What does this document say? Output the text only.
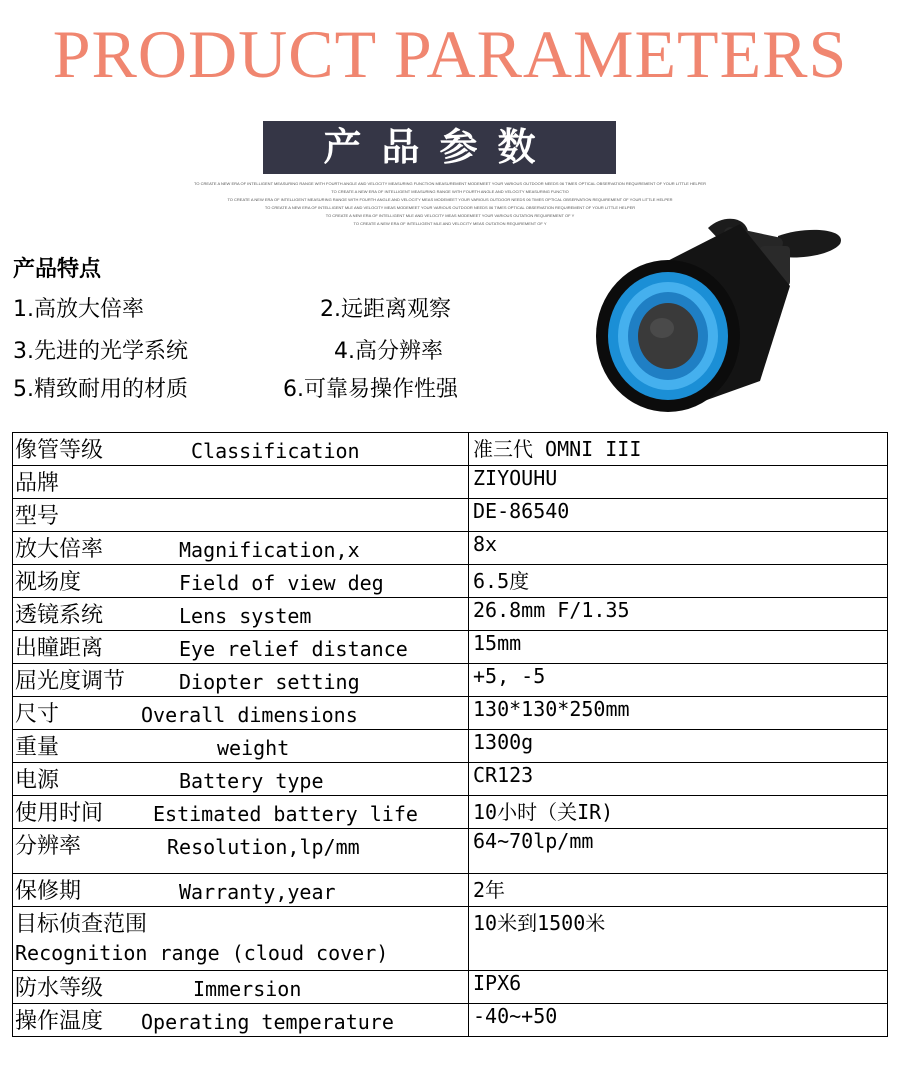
PRODUCT PARAMETERS
产品参数
TO CREATE A NEW ERA OF INTELLIGENT MEASURING RANGE WITH FOURTH ANGLE AND VELOCITY MEASURING FUNCTION MEASUREMENT MODEMEET YOUR VARIOUS OUTDOOR NEEDS 06 TIMES OPTICAL OBSERVATION REQUIREMENT OF YOUR LITTLE HELPER
TO CREATE A NEW ERA OF INTELLIGENT MEASURING RANGE WITH FOURTH ANGLE AND VELOCITY MEASURING FUNCTIO
TO CREATE A NEW ERA OF INTELLIGENT MEASURING RANGE WITH FOURTH ANGLE AND VELOCITY MEAS MODEMEET YOUR VARIOUS OUTDOOR NEEDS 06 TIMES OPTICAL OBSERVATION REQUIREMENT OF YOUR LITTLE HELPER
TO CREATE A NEW ERA OF INTELLIGENT MLE AND VELOCITY MEAS MODEMEET YOUR VARIOUS OUTDOOR NEEDS 06 TIMES OPTICAL OBSERVATION REQUIREMENT OF YOUR LITTLE HELPER
TO CREATE A NEW ERA OF INTELLIGENT MLE AND VELOCITY MEAS MODEMEET YOUR VARIOUS OUTATION REQUIREMENT OF Y
TO CREATE A NEW ERA OF INTELLIGENT MLE AND VELOCITY MEAS OUTATION REQUIREMENT OF Y
产品特点
1.高放大倍率	2.远距离观察
3.先进的光学系统	4.高分辨率
5.精致耐用的材质	6.可靠易操作性强
像管等级 Classification	准三代 OMNI III
品牌	ZIYOUHU
型号	DE-86540
放大倍率 Magnification,x	8x
视场度 Field of view deg	6.5度
透镜系统 Lens system	26.8mm F/1.35
出瞳距离 Eye relief distance	15mm
屈光度调节 Diopter setting	+5, -5
尺寸 Overall dimensions	130*130*250mm
重量 weight	1300g
电源 Battery type	CR123
使用时间 Estimated battery life	10小时（关IR)
分辨率 Resolution,lp/mm	64~70lp/mm
保修期 Warranty,year	2年
目标侦查范围
Recognition range (cloud cover)	10米到1500米
防水等级 Immersion	IPX6
操作温度 Operating temperature	-40~+50
